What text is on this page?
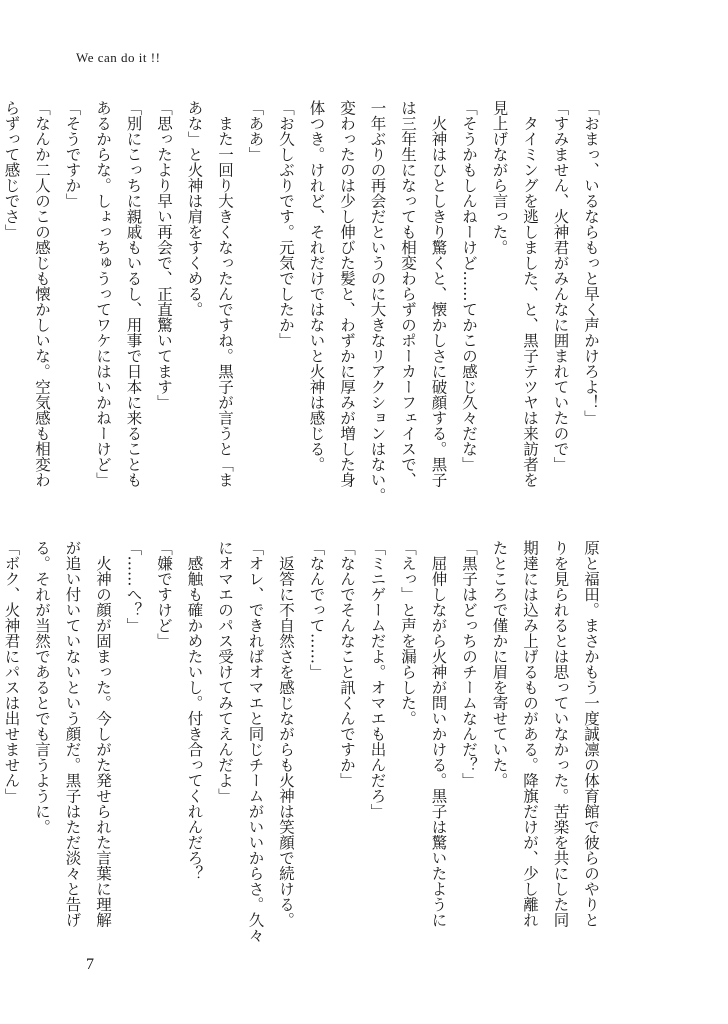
We can do it !!
「おまっ、いるならもっと早く声かけろよ！」
「すみません、火神君がみんなに囲まれていたので」
　タイミングを逃しました、と、黒子テツヤは来訪者を
見上げながら言った。
「そうかもしんねーけど……てかこの感じ久々だな」
　火神はひとしきり驚くと、懐かしさに破顔する。黒子
は三年生になっても相変わらずのポーカーフェイスで、
一年ぶりの再会だというのに大きなリアクションはない。
変わったのは少し伸びた髪と、わずかに厚みが増した身
体つき。けれど、それだけではないと火神は感じる。
「お久しぶりです。元気でしたか」
「ああ」
　また一回り大きくなったんですね。黒子が言うと「ま
あな」と火神は肩をすくめる。
「思ったより早い再会で、正直驚いてます」
「別にこっちに親戚もいるし、用事で日本に来ることも
あるからな。しょっちゅうってワケにはいかねーけど」
「そうですか」
「なんか二人のこの感じも懐かしいな。空気感も相変わ
らずって感じでさ」
原と福田。まさかもう一度誠凛の体育館で彼らのやりと
りを見られるとは思っていなかった。苦楽を共にした同
期達には込み上げるものがある。降旗だけが、少し離れ
たところで僅かに眉を寄せていた。
「黒子はどっちのチームなんだ？」
　屈伸しながら火神が問いかける。黒子は驚いたように
「えっ」と声を漏らした。
「ミニゲームだよ。オマエも出んだろ」
「なんでそんなこと訊くんですか」
「なんでって……」
　返答に不自然さを感じながらも火神は笑顔で続ける。
「オレ、できればオマエと同じチームがいいからさ。久々
にオマエのパス受けてみてえんだよ」
　感触も確かめたいし。付き合ってくれんだろ？
「嫌ですけど」
「……へ？」
　火神の顔が固まった。今しがた発せられた言葉に理解
が追い付いていないという顔だ。黒子はただ淡々と告げ
る。それが当然であるとでも言うように。
「ボク、火神君にパスは出せません」
7
